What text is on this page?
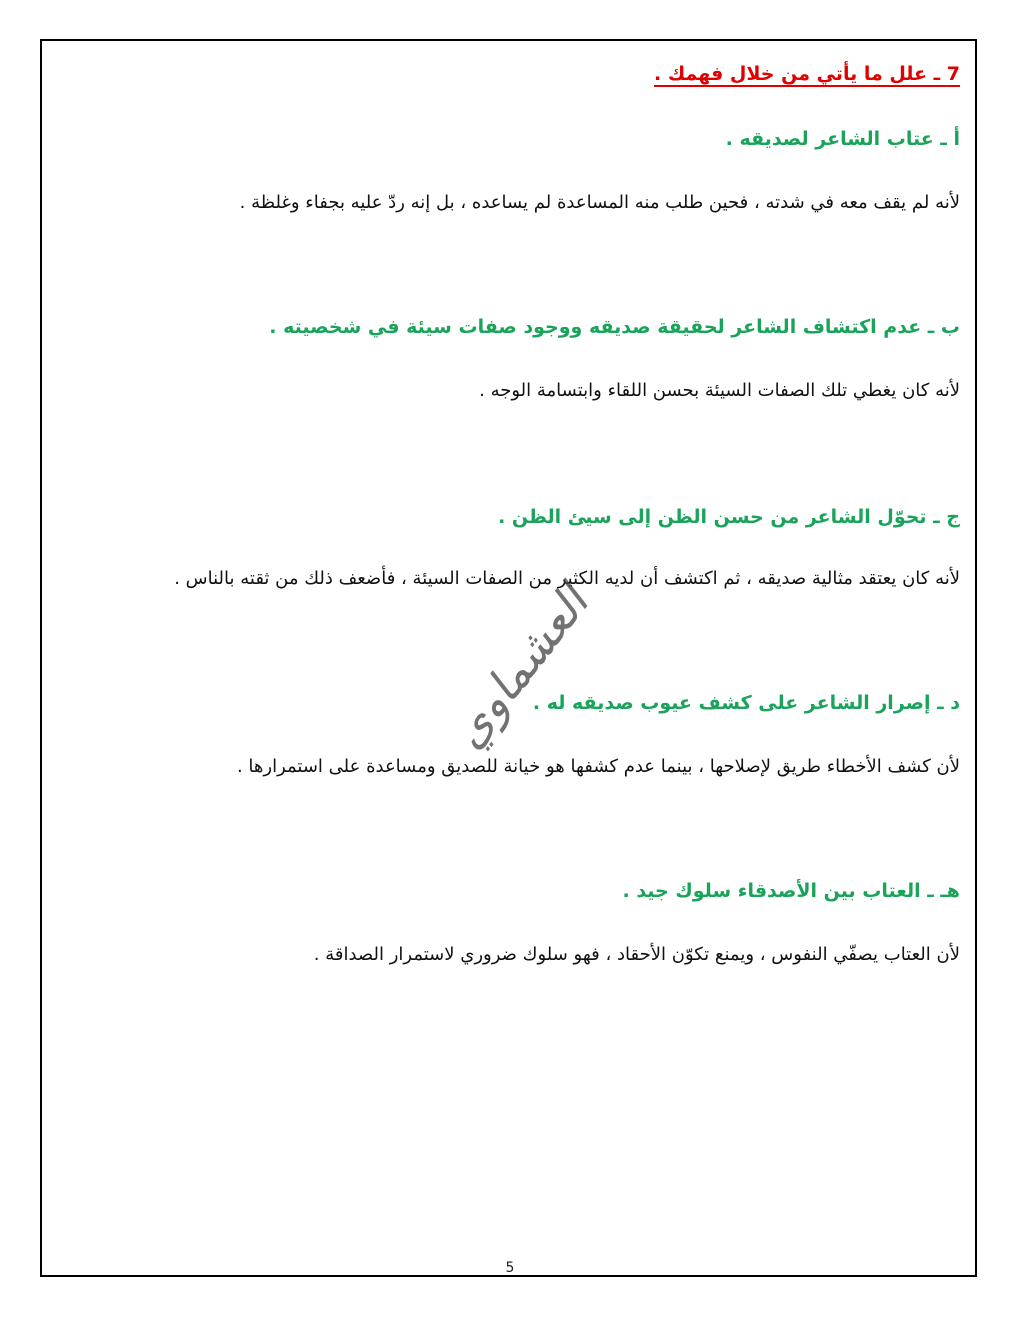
7 ـ علل ما يأتي من خلال فهمك .
أ ـ عتاب الشاعر لصديقه .
لأنه لم يقف معه في شدته ، فحين طلب منه المساعدة لم يساعده ، بل إنه ردّ عليه بجفاء وغلظة .
ب ـ عدم اكتشاف الشاعر لحقيقة صديقه ووجود صفات سيئة في شخصيته .
لأنه كان يغطي تلك الصفات السيئة بحسن اللقاء وابتسامة الوجه .
ج ـ تحوّل الشاعر من حسن الظن إلى سيئ الظن .
لأنه كان يعتقد مثالية صديقه ، ثم اكتشف أن لديه الكثير من الصفات السيئة ، فأضعف ذلك من ثقته بالناس .
د ـ إصرار الشاعر على كشف عيوب صديقه له .
لأن كشف الأخطاء طريق لإصلاحها ، بينما عدم كشفها هو خيانة للصديق ومساعدة على استمرارها .
هـ ـ العتاب بين الأصدقاء سلوك جيد .
لأن العتاب يصفّي النفوس ، ويمنع تكوّن الأحقاد ، فهو سلوك ضروري لاستمرار الصداقة .
العشماوي
5
